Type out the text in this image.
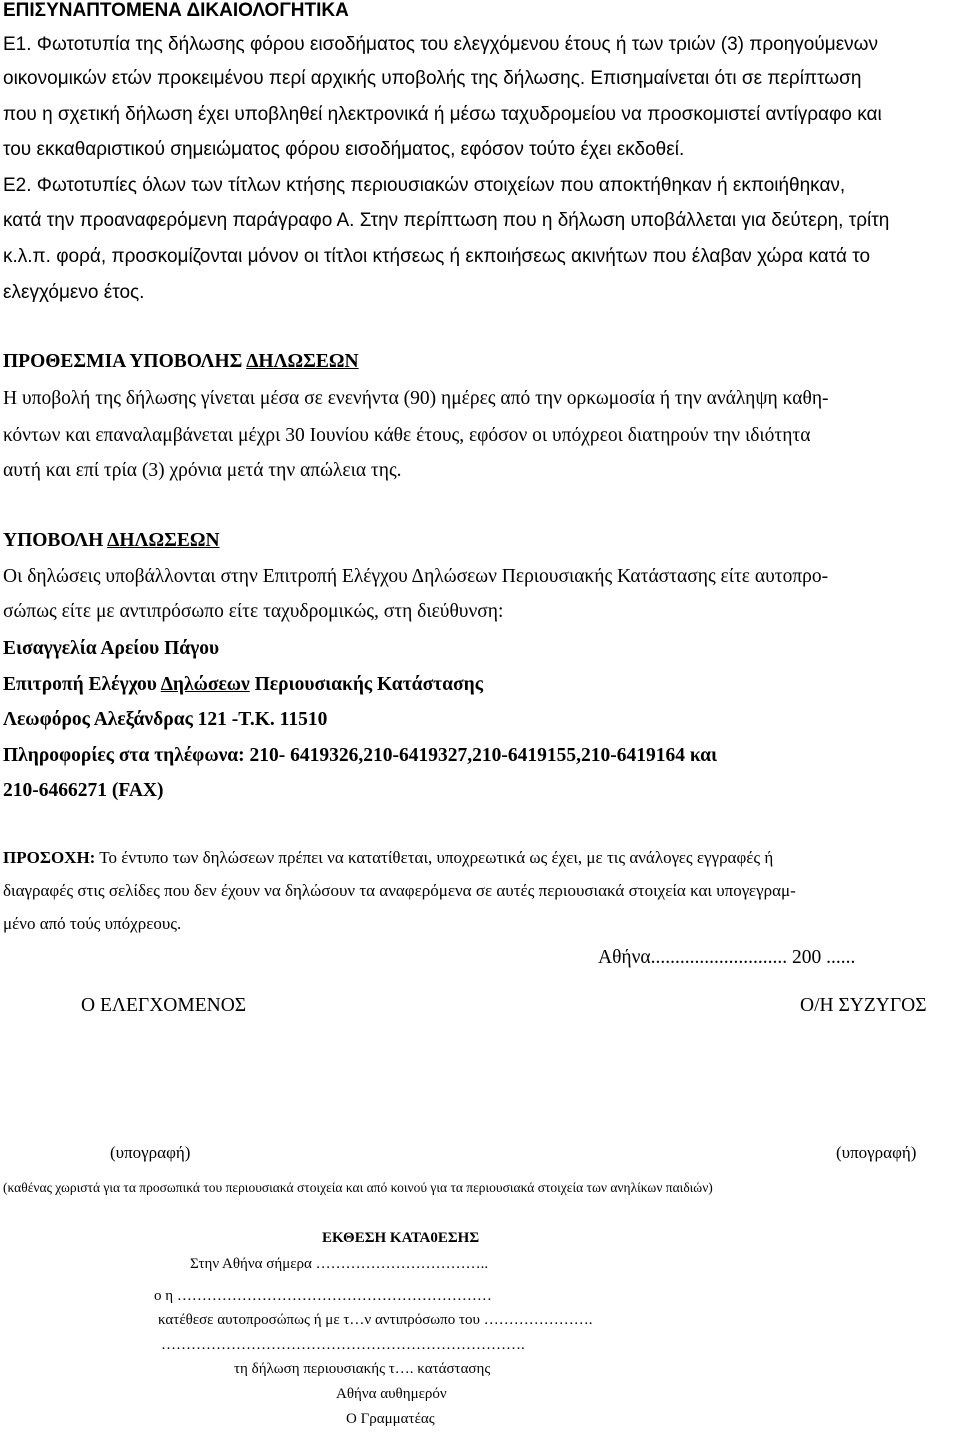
ΕΠΙΣΥΝΑΠΤΟΜΕΝΑ ΔΙΚΑΙΟΛΟΓΗΤΙΚΑ
Ε1. Φωτοτυπία της δήλωσης φόρου εισοδήματος του ελεγχόμενου έτους ή των τριών (3) προηγούμενων
οικονομικών ετών προκειμένου περί αρχικής υποβολής της δήλωσης. Επισημαίνεται ότι σε περίπτωση
που η σχετική δήλωση έχει υποβληθεί ηλεκτρονικά ή μέσω ταχυδρομείου να προσκομιστεί αντίγραφο και
του εκκαθαριστικού σημειώματος φόρου εισοδήματος, εφόσον τούτο έχει εκδοθεί.
Ε2. Φωτοτυπίες όλων των τίτλων κτήσης περιουσιακών στοιχείων που αποκτήθηκαν ή εκποιήθηκαν,
κατά την προαναφερόμενη παράγραφο Α. Στην περίπτωση που η δήλωση υποβάλλεται για δεύτερη, τρίτη
κ.λ.π. φορά, προσκομίζονται μόνον οι τίτλοι κτήσεως ή εκποιήσεως ακινήτων που έλαβαν χώρα κατά το
ελεγχόμενο έτος.
ΠΡΟΘΕΣΜΙΑ ΥΠΟΒΟΛΗΣ ΔΗΛΩΣΕΩΝ
Η υποβολή της δήλωσης γίνεται μέσα σε ενενήντα (90) ημέρες από την ορκωμοσία ή την ανάληψη καθη-
κόντων και επαναλαμβάνεται μέχρι 30 Ιουνίου κάθε έτους, εφόσον οι υπόχρεοι διατηρούν την ιδιότητα
αυτή και επί τρία (3) χρόνια μετά την απώλεια της.
ΥΠΟΒΟΛΗ ΔΗΛΩΣΕΩΝ
Οι δηλώσεις υποβάλλονται στην Επιτροπή Ελέγχου Δηλώσεων Περιουσιακής Κατάστασης είτε αυτοπρο-
σώπως είτε με αντιπρόσωπο είτε ταχυδρομικώς, στη διεύθυνση:
Εισαγγελία Αρείου Πάγου
Επιτροπή Ελέγχου Δηλώσεων Περιουσιακής Κατάστασης
Λεωφόρος Αλεξάνδρας 121 -Τ.Κ. 11510
Πληροφορίες στα τηλέφωνα: 210- 6419326,210-6419327,210-6419155,210-6419164 και
210-6466271 (FAX)
ΠΡΟΣΟΧΗ: Το έντυπο των δηλώσεων πρέπει να κατατίθεται, υποχρεωτικά ως έχει, με τις ανάλογες εγγραφές ή
διαγραφές στις σελίδες που δεν έχουν να δηλώσουν τα αναφερόμενα σε αυτές περιουσιακά στοιχεία και υπογεγραμ-
μένο από τούς υπόχρεους.
Αθήνα............................ 200 ......
Ο ΕΛΕΓΧΟΜΕΝΟΣ	Ο/Η ΣΥΖΥΓΟΣ
(υπογραφή)	(υπογραφή)
(καθένας χωριστά για τα προσωπικά του περιουσιακά στοιχεία και από κοινού για τα περιουσιακά στοιχεία των ανηλίκων παιδιών)
ΕΚΘΕΣΗ ΚΑΤΑ0ΕΣΗΣ
Στην Αθήνα σήμερα ……………………………..
ο η ………………………………………………………
κατέθεσε αυτοπροσώπως ή με τ…ν αντιπρόσωπο του ………………….
……………………………………………………………….
τη δήλωση περιουσιακής τ…. κατάστασης
Αθήνα αυθημερόν
Ο Γραμματέας
